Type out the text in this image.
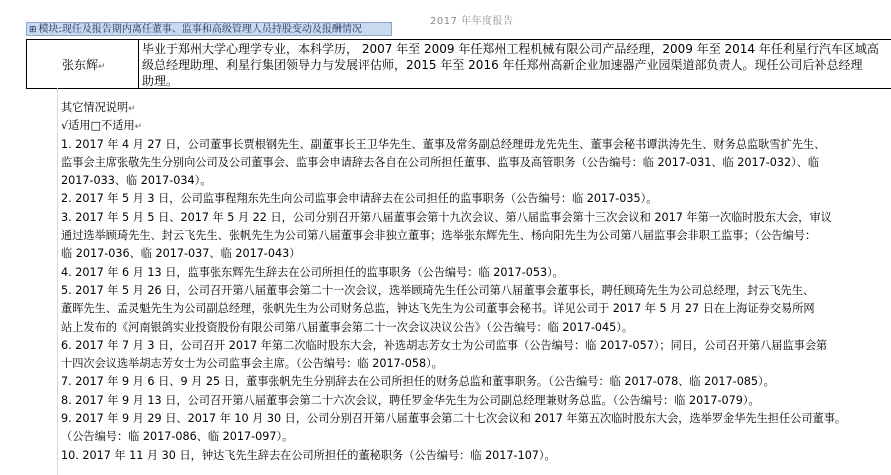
2017 年年度报告
⊞ 模块:现任及报告期内离任董事、监事和高级管理人员持股变动及报酬情况
张东辉↵
毕业于郑州大学心理学专业，本科学历， 2007 年至 2009 年任郑州工程机械有限公司产品经理，2009 年至 2014 年任利星行汽车区域高
级总经理助理、利星行集团领导力与发展评估师，2015 年至 2016 年任郑州高新企业加速器产业园渠道部负责人。现任公司后补总经理
助理。
其它情况说明↵
√适用□不适用↵
1. 2017 年 4 月 27 日，公司董事长贾根钢先生、副董事长王卫华先生、董事及常务副总经理毋龙先先生、董事会秘书谭洪涛先生、财务总监耿雪扩先生、
监事会主席张敬先生分别向公司及公司董事会、监事会申请辞去各自在公司所担任董事、监事及高管职务（公告编号：临 2017-031、临 2017-032）、临
2017-033、临 2017-034）。
2. 2017 年 5 月 3 日，公司监事程翔东先生向公司监事会申请辞去在公司担任的监事职务（公告编号：临 2017-035）。
3. 2017 年 5 月 5 日、2017 年 5 月 22 日，公司分别召开第八届董事会第十九次会议、第八届监事会第十三次会议和 2017 年第一次临时股东大会，审议
通过选举顾琦先生、封云飞先生、张帆先生为公司第八届董事会非独立董事；选举张东辉先生、杨向阳先生为公司第八届监事会非职工监事；（公告编号：
临 2017-036、临 2017-037、临 2017-043）
4. 2017 年 6 月 13 日，监事张东辉先生辞去在公司所担任的监事职务（公告编号：临 2017-053）。
5. 2017 年 5 月 26 日，公司召开第八届董事会第二十一次会议，选举顾琦先生任公司第八届董事会董事长，聘任顾琦先生为公司总经理，封云飞先生、
董晖先生、孟灵魁先生为公司副总经理，张帆先生为公司财务总监，钟达飞先生为公司董事会秘书。详见公司于 2017 年 5 月 27 日在上海证券交易所网
站上发布的《河南银鸽实业投资股份有限公司第八届董事会第二十一次会议决议公告》（公告编号：临 2017-045）。
6. 2017 年 7 月 3 日，公司召开 2017 年第二次临时股东大会，补选胡志芳女士为公司监事（公告编号：临 2017-057）；同日，公司召开第八届监事会第
十四次会议选举胡志芳女士为公司监事会主席。（公告编号：临 2017-058）。
7. 2017 年 9 月 6 日、9 月 25 日，董事张帆先生分别辞去在公司所担任的财务总监和董事职务。（公告编号：临 2017-078、临 2017-085）。
8. 2017 年 9 月 13 日，公司召开第八届董事会第二十六次会议，聘任罗金华先生为公司副总经理兼财务总监。（公告编号：临 2017-079）。
9. 2017 年 9 月 29 日、2017 年 10 月 30 日，公司分别召开第八届董事会第二十七次会议和 2017 年第五次临时股东大会，选举罗金华先生担任公司董事。
（公告编号：临 2017-086、临 2017-097）。
10. 2017 年 11 月 30 日，钟达飞先生辞去在公司所担任的董秘职务（公告编号：临 2017-107）。
